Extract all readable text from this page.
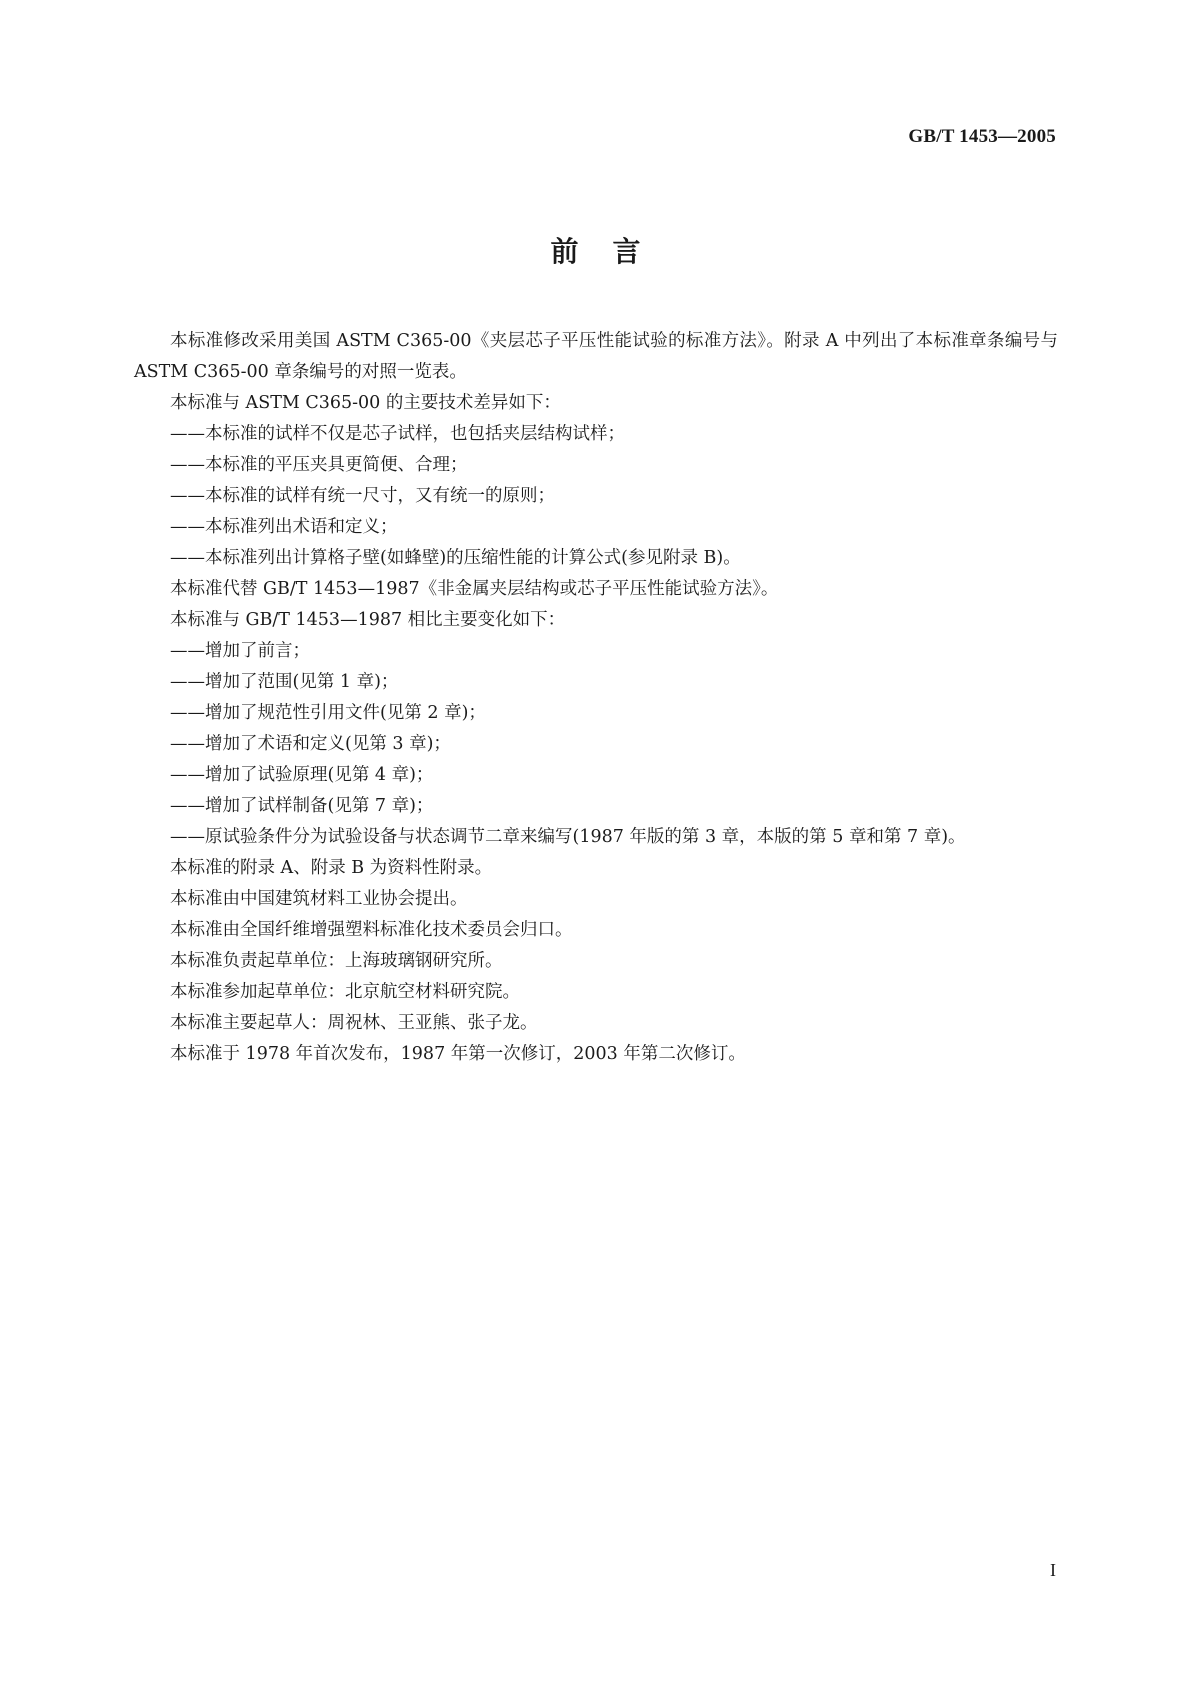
GB/T 1453—2005
前言

本标准修改采用美国 ASTM C365-00《夹层芯子平压性能试验的标准方法》。附录 A 中列出了本标准章条编号与 ASTM C365-00 章条编号的对照一览表。

本标准与 ASTM C365-00 的主要技术差异如下：

——本标准的试样不仅是芯子试样，也包括夹层结构试样；

——本标准的平压夹具更简便、合理；

——本标准的试样有统一尺寸，又有统一的原则；

——本标准列出术语和定义；

——本标准列出计算格子壁(如蜂壁)的压缩性能的计算公式(参见附录 B)。

本标准代替 GB/T 1453—1987《非金属夹层结构或芯子平压性能试验方法》。

本标准与 GB/T 1453—1987 相比主要变化如下：

——增加了前言；

——增加了范围(见第 1 章)；

——增加了规范性引用文件(见第 2 章)；

——增加了术语和定义(见第 3 章)；

——增加了试验原理(见第 4 章)；

——增加了试样制备(见第 7 章)；

——原试验条件分为试验设备与状态调节二章来编写(1987 年版的第 3 章，本版的第 5 章和第 7 章)。

本标准的附录 A、附录 B 为资料性附录。

本标准由中国建筑材料工业协会提出。

本标准由全国纤维增强塑料标准化技术委员会归口。

本标准负责起草单位：上海玻璃钢研究所。

本标准参加起草单位：北京航空材料研究院。

本标准主要起草人：周祝林、王亚熊、张子龙。

本标准于 1978 年首次发布，1987 年第一次修订，2003 年第二次修订。

I
